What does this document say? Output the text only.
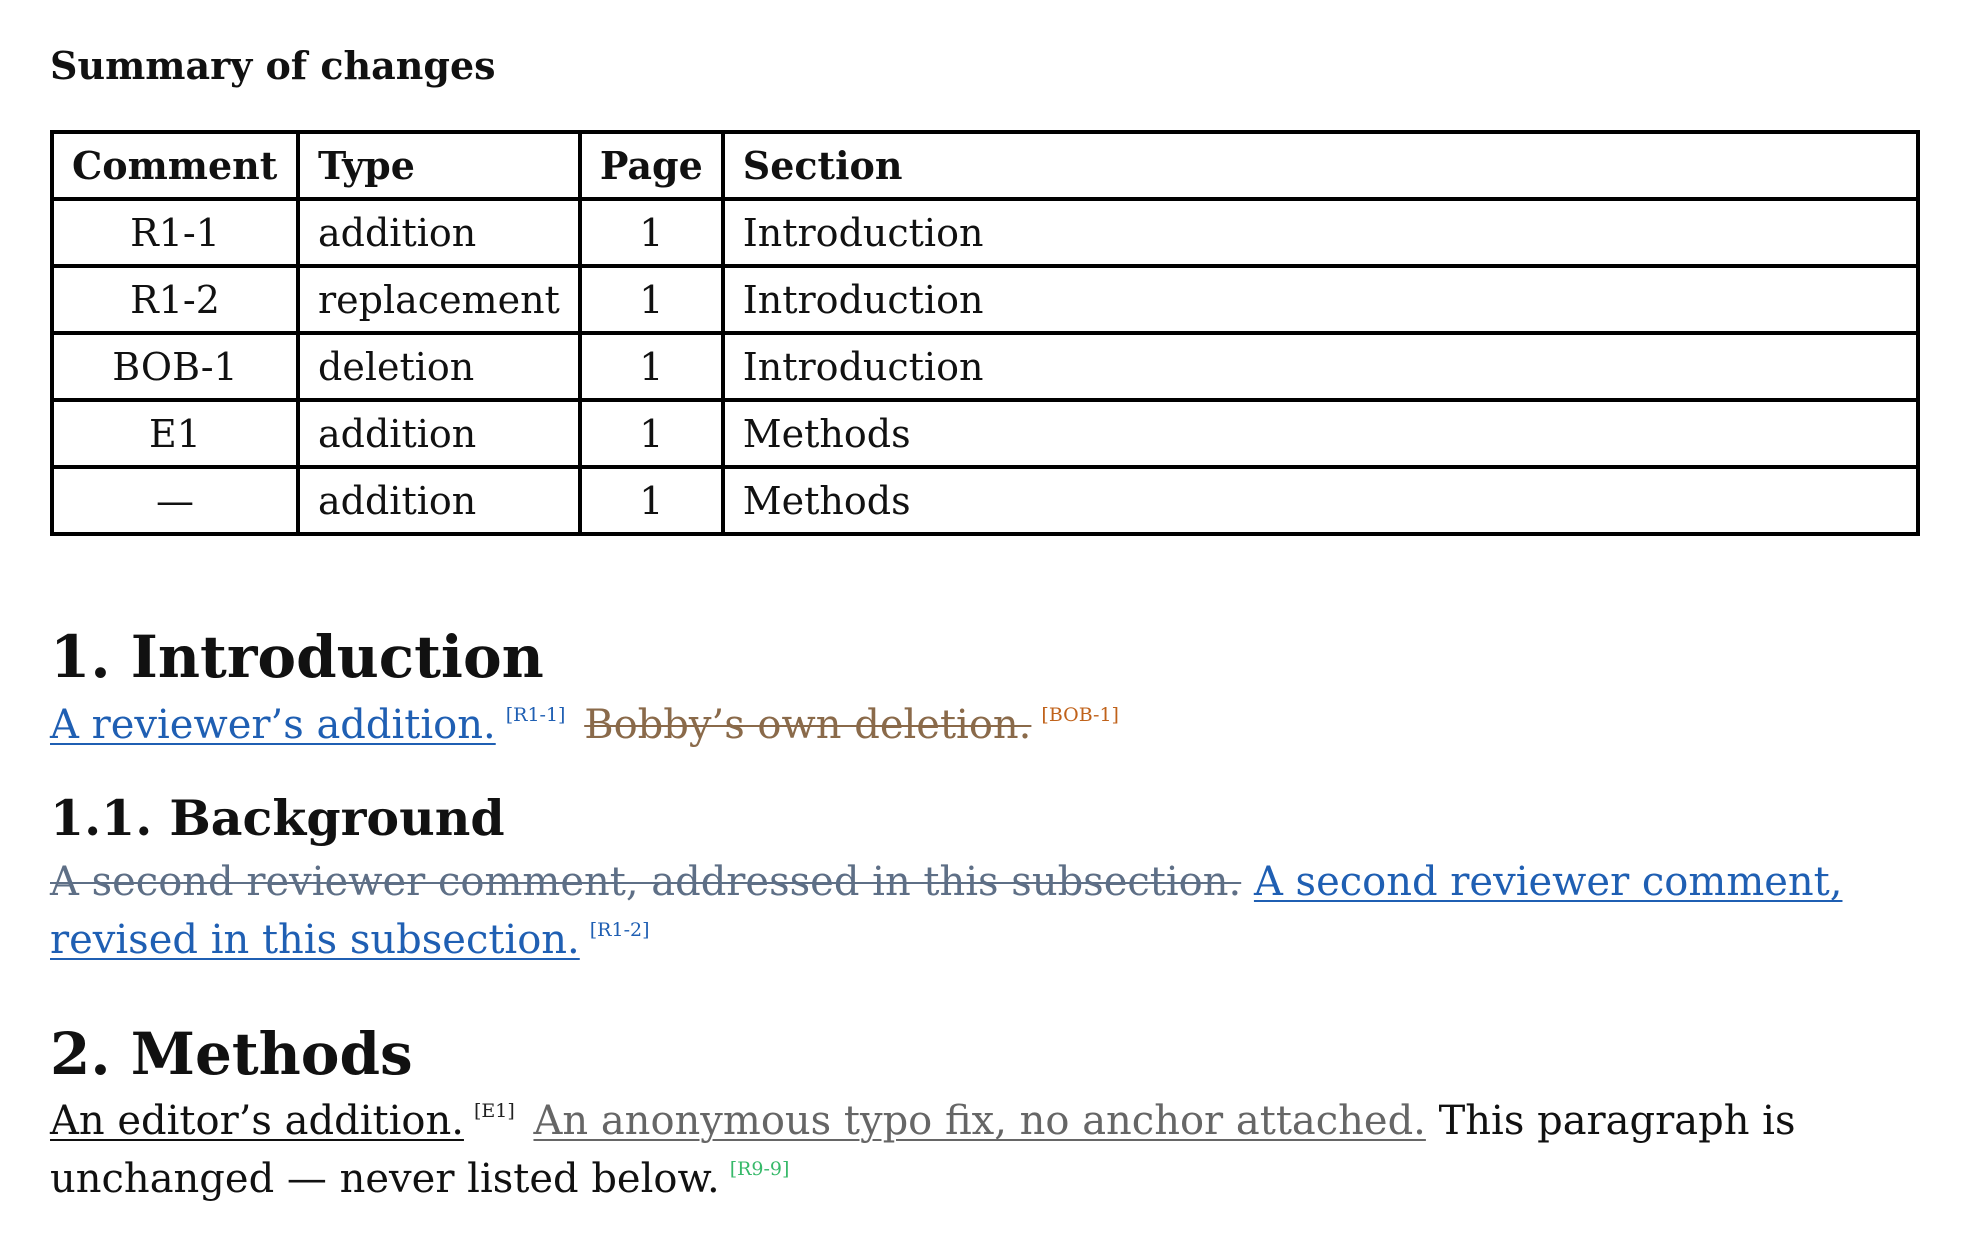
Summary of changes
Comment	Type	Page	Section
R1-1	addition	1	Introduction
R1-2	replacement	1	Introduction
BOB-1	deletion	1	Introduction
E1	addition	1	Methods
—	addition	1	Methods
1. Introduction

A reviewer’s addition. [R1-1] Bobby’s own deletion. [BOB-1]

1.1. Background

A second reviewer comment, addressed in this subsection. A second reviewer comment, revised in this subsection. [R1-2]

2. Methods

An editor’s addition. [E1] An anonymous typo fix, no anchor attached. This paragraph is unchanged — never listed below. [R9-9]
